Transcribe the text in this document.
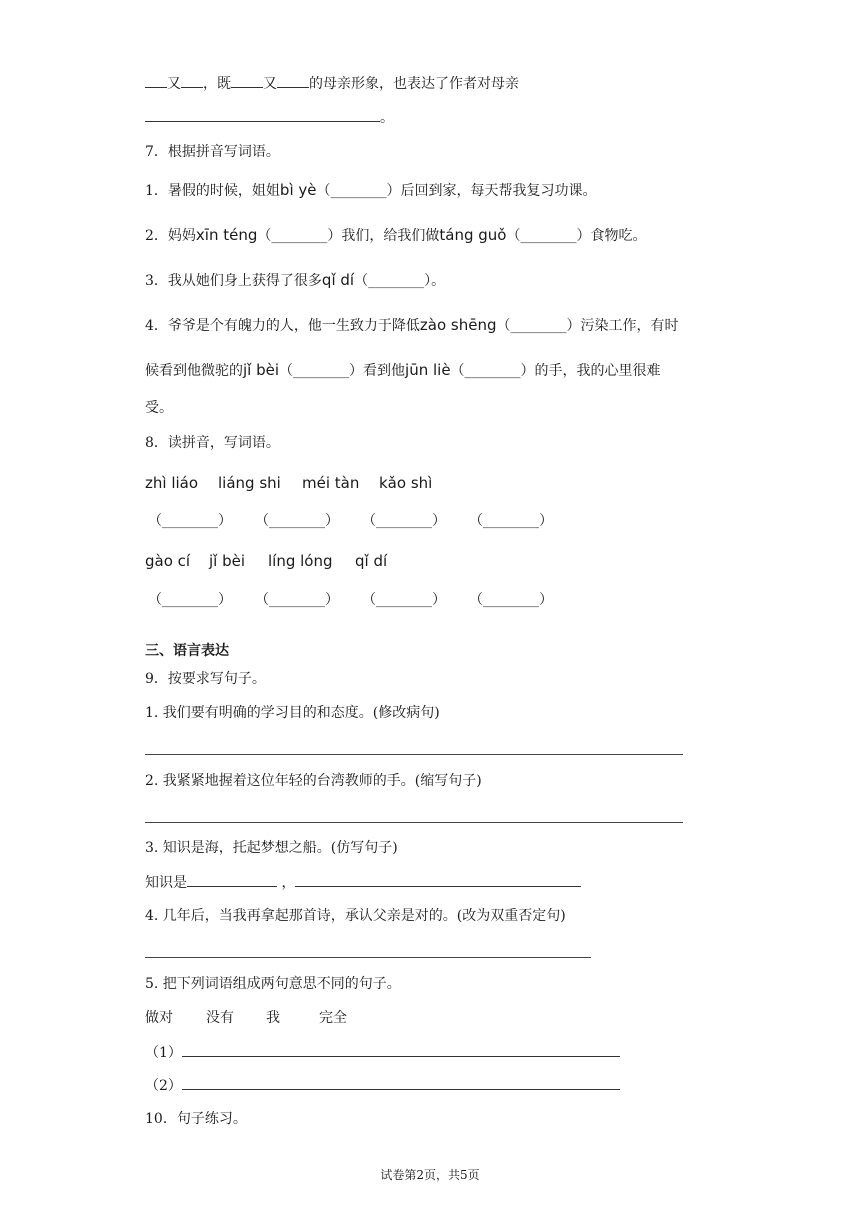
又 ，既 又 的母亲形象，也表达了作者对母亲
。
7．根据拼音写词语。
1．暑假的时候，姐姐bì yè（________）后回到家，每天帮我复习功课。
2．妈妈xīn téng（________）我们，给我们做táng guǒ（________）食物吃。
3．我从她们身上获得了很多qǐ dí（________）。
4．爷爷是个有魄力的人，他一生致力于降低zào shēng（________）污染工作，有时
候看到他微驼的jǐ bèi（________）看到他jūn liè（________）的手，我的心里很难
受。
8．读拼音，写词语。
zhì liáo liáng shi méi tàn kǎo shì
（________） （________） （________） （________）
gào cí jǐ bèi líng lóng qǐ dí
（________） （________） （________） （________）
三、语言表达
9．按要求写句子。
1. 我们要有明确的学习目的和态度。(修改病句)
2. 我紧紧地握着这位年轻的台湾教师的手。(缩写句子)
3. 知识是海，托起梦想之船。(仿写句子)
知识是	，
4. 几年后，当我再拿起那首诗，承认父亲是对的。(改为双重否定句)
5. 把下列词语组成两句意思不同的句子。
做对 没有 我	完全
（1）
（2）
10．句子练习。
试卷第2页，共5页
